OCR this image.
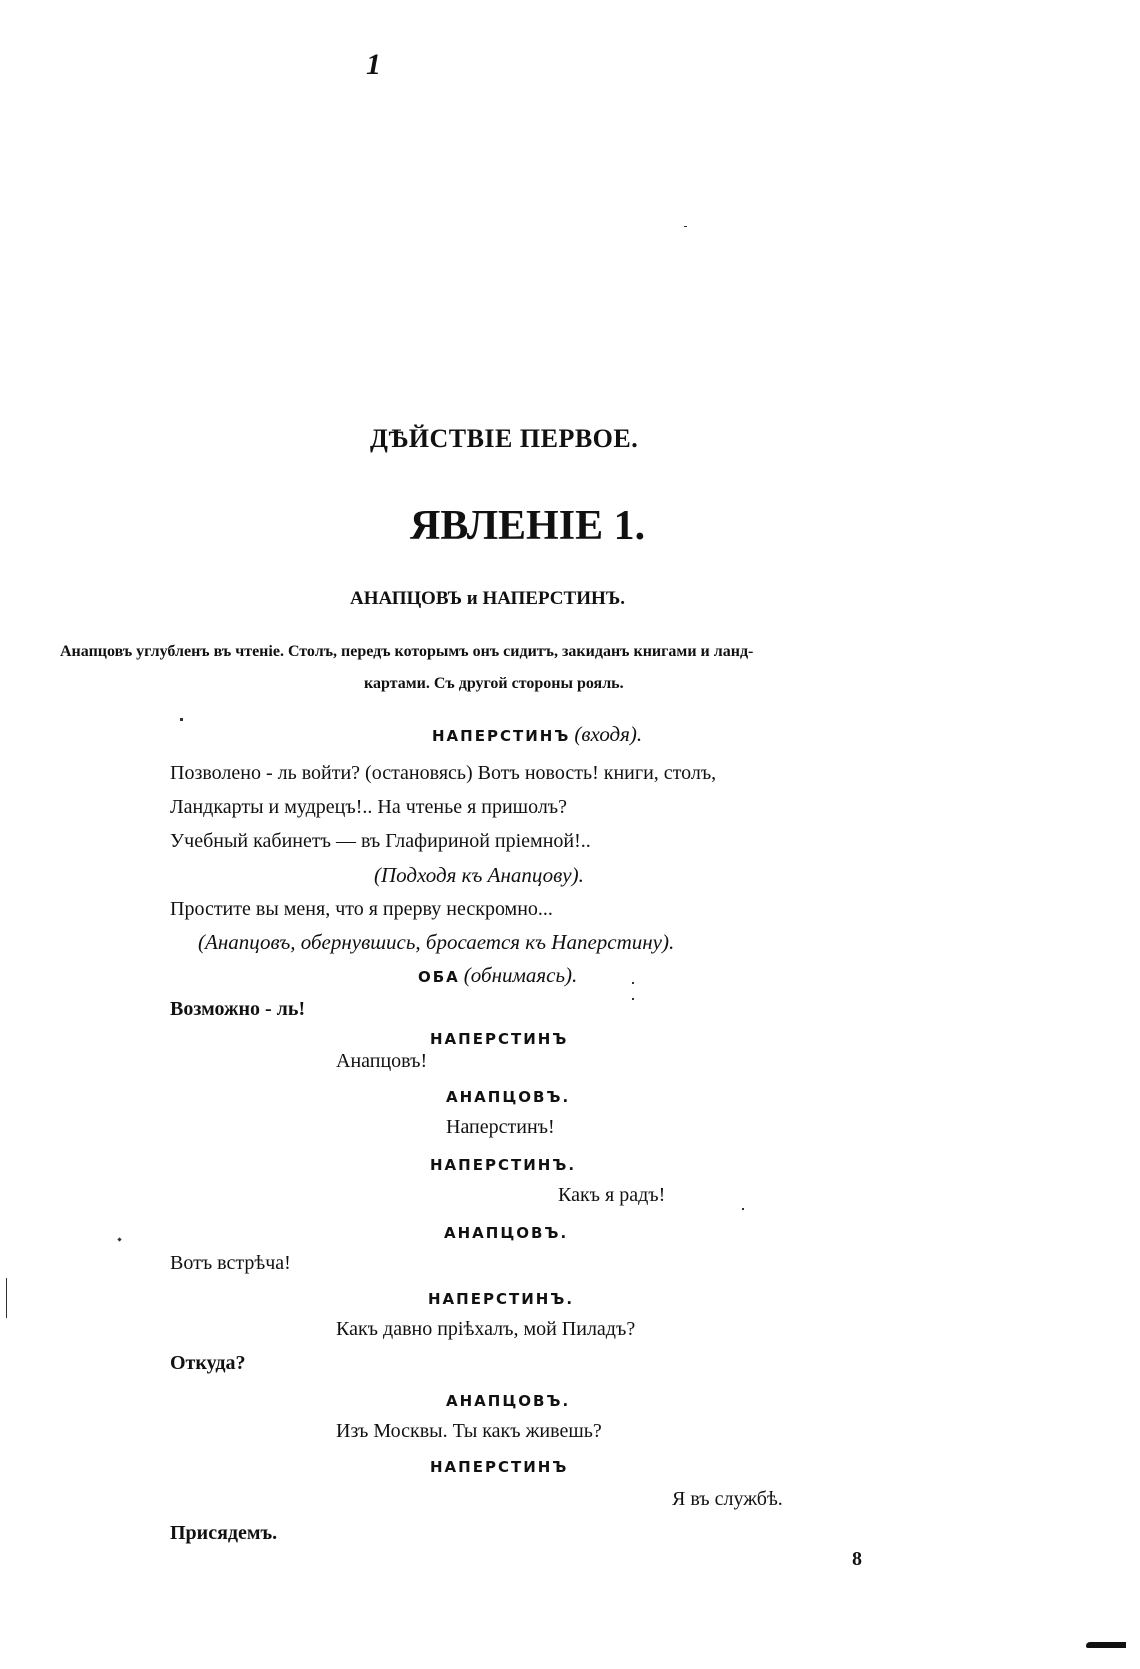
1
ДѢЙСТВІЕ ПЕРВОЕ.
ЯВЛЕНІЕ 1.
АНАПЦОВЪ и НАПЕРСТИНЪ.
Анапцовъ углубленъ въ чтеніе. Столъ, передъ которымъ онъ сидитъ, закиданъ книгами и ланд-
картами. Съ другой стороны рояль.
НАПЕРСТИНЪ (входя).
Позволено - ль войти? (остановясь) Вотъ новость! книги, столъ,
Ландкарты и мудрецъ!.. На чтенье я пришолъ?
Учебный кабинетъ — въ Глафириной пріемной!..
(Подходя къ Анапцову).
Простите вы меня, что я прерву нескромно...
(Анапцовъ, обернувшись, бросается къ Наперстину).
ОБА (обнимаясь).
Возможно - ль!
НАПЕРСТИНЪ
Анапцовъ!
АНАПЦОВЪ.
Наперстинъ!
НАПЕРСТИНЪ.
Какъ я радъ!
АНАПЦОВЪ.
Вотъ встрѣча!
НАПЕРСТИНЪ.
Какъ давно пріѣхалъ, мой Пиладъ?
Откуда?
АНАПЦОВЪ.
Изъ Москвы. Ты какъ живешь?
НАПЕРСТИНЪ
Я въ службѣ.
Присядемъ.
8
